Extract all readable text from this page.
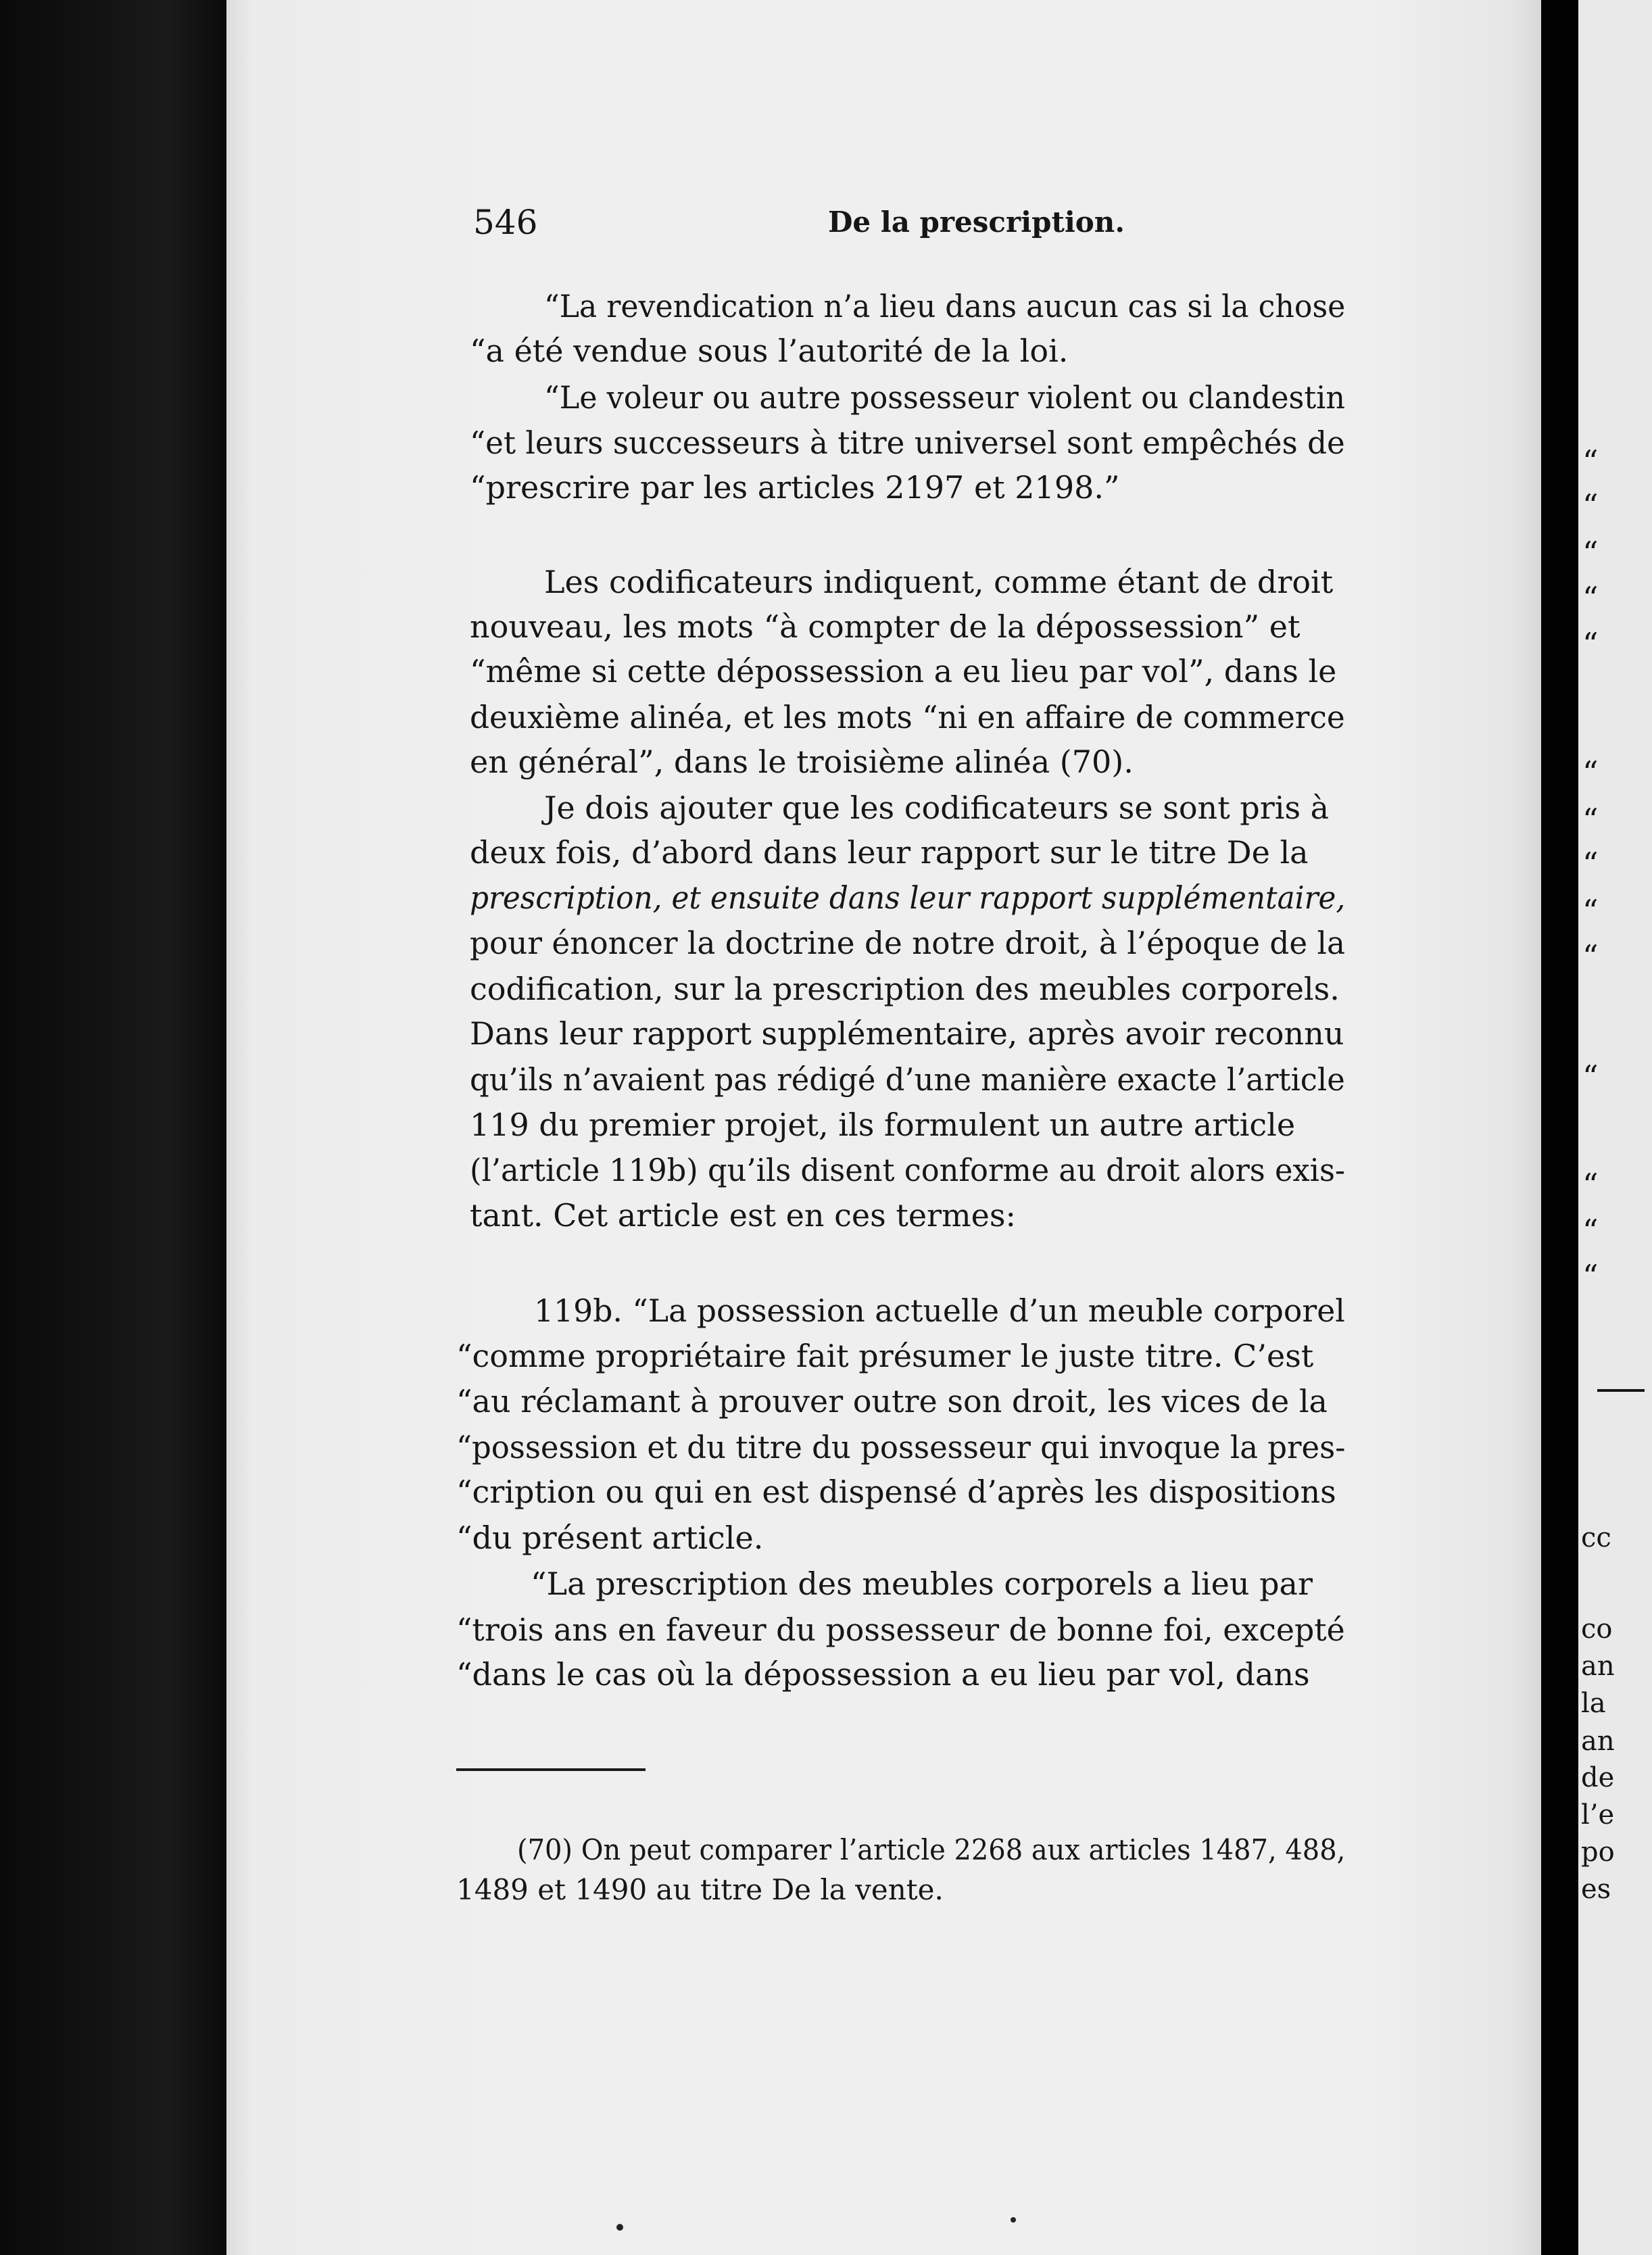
546	De la prescription.
“La revendication n’a lieu dans aucun cas si la chose
“a été vendue sous l’autorité de la loi.
“Le voleur ou autre possesseur violent ou clandestin
“et leurs successeurs à titre universel sont empêchés de
“prescrire par les articles 2197 et 2198.”
Les codificateurs indiquent, comme étant de droit
nouveau, les mots “à compter de la dépossession” et
“même si cette dépossession a eu lieu par vol”, dans le
deuxième alinéa, et les mots “ni en affaire de commerce
en général”, dans le troisième alinéa (70).
Je dois ajouter que les codificateurs se sont pris à
deux fois, d’abord dans leur rapport sur le titre De la
prescription, et ensuite dans leur rapport supplémentaire,
pour énoncer la doctrine de notre droit, à l’époque de la
codification, sur la prescription des meubles corporels.
Dans leur rapport supplémentaire, après avoir reconnu
qu’ils n’avaient pas rédigé d’une manière exacte l’article
119 du premier projet, ils formulent un autre article
(l’article 119b) qu’ils disent conforme au droit alors exis-
tant. Cet article est en ces termes:
119b. “La possession actuelle d’un meuble corporel
“comme propriétaire fait présumer le juste titre. C’est
“au réclamant à prouver outre son droit, les vices de la
“possession et du titre du possesseur qui invoque la pres-
“cription ou qui en est dispensé d’après les dispositions
“du présent article.
“La prescription des meubles corporels a lieu par
“trois ans en faveur du possesseur de bonne foi, excepté
“dans le cas où la dépossession a eu lieu par vol, dans
(70) On peut comparer l’article 2268 aux articles 1487, 488,
1489 et 1490 au titre De la vente.
“
“
“
“
“
“
“
“
“
“
“
“
“
“
cc
co
an
la
an
de
l’e
po
es
